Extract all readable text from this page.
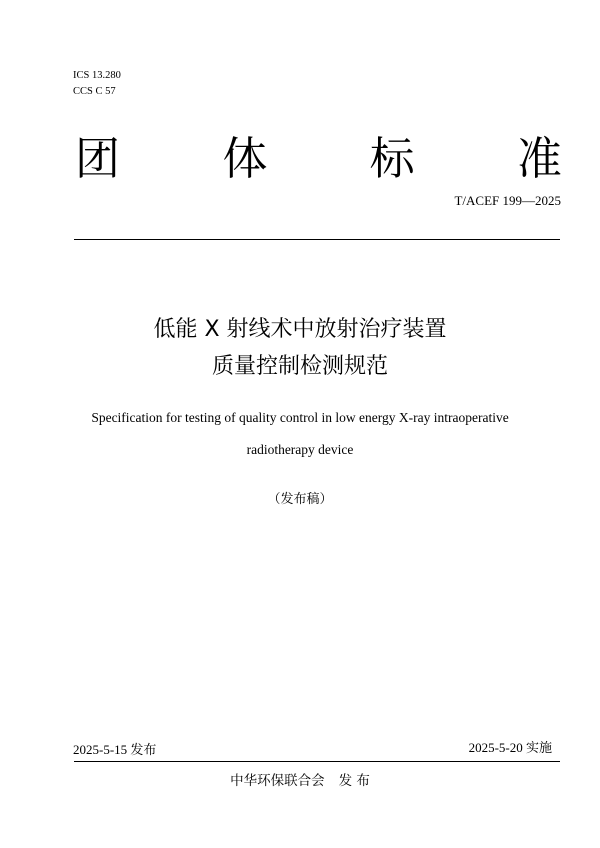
ICS 13.280
CCS C 57
团 体 标 准
T/ACEF 199—2025
低能 X 射线术中放射治疗装置
质量控制检测规范
Specification for testing of quality control in low energy X-ray intraoperative
radiotherapy device
（发布稿）
2025-5-15 发布	2025-5-20 实施
中华环保联合会 发 布
